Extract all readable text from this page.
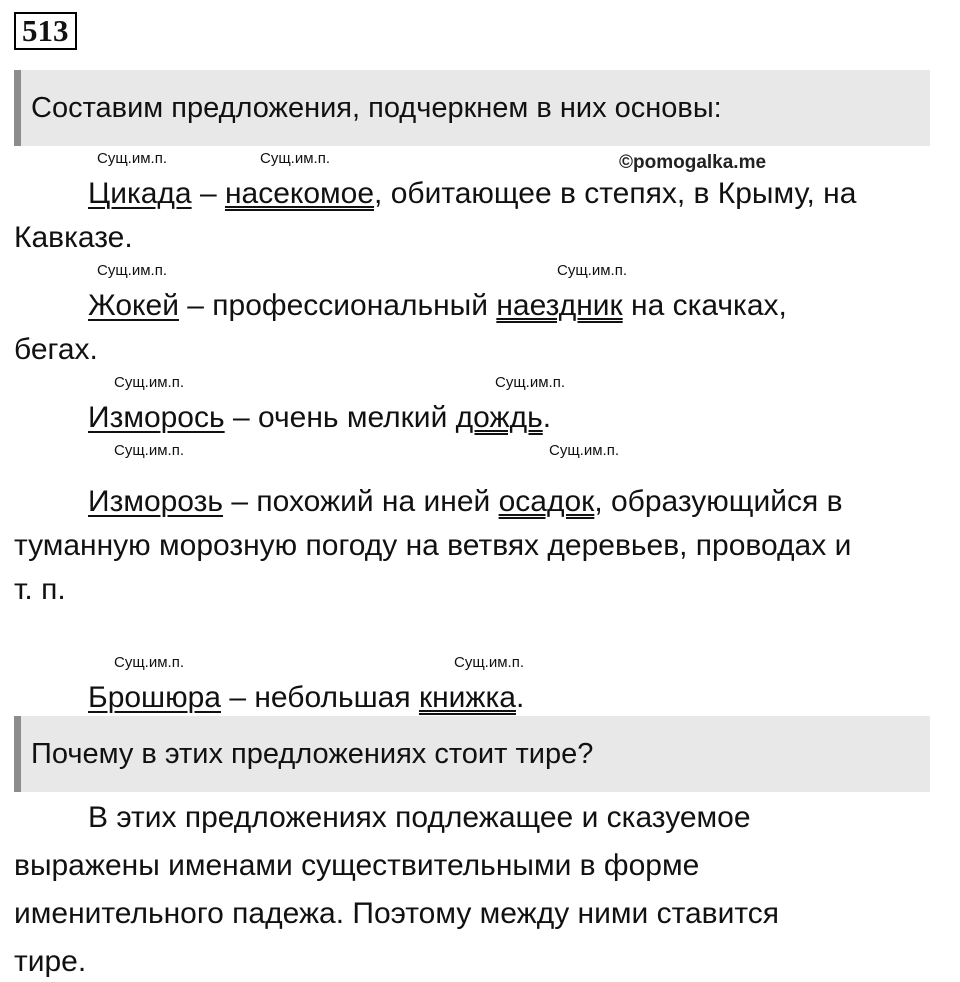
513
Составим предложения, подчеркнем в них основы:
©pomogalka.me
Сущ.им.п.	Сущ.им.п.
Цикада – насекомое, обитающее в степях, в Крыму, на
Кавказе.
Сущ.им.п.	Сущ.им.п.
Жокей – профессиональный наездник на скачках,
бегах.
Сущ.им.п.	Сущ.им.п.
Изморось – очень мелкий дождь.
Сущ.им.п.	Сущ.им.п.
Изморозь – похожий на иней осадок, образующийся в
туманную морозную погоду на ветвях деревьев, проводах и
т. п.
Сущ.им.п.	Сущ.им.п.
Брошюра – небольшая книжка.
Почему в этих предложениях стоит тире?
В этих предложениях подлежащее и сказуемое
выражены именами существительными в форме
именительного падежа. Поэтому между ними ставится
тире.
